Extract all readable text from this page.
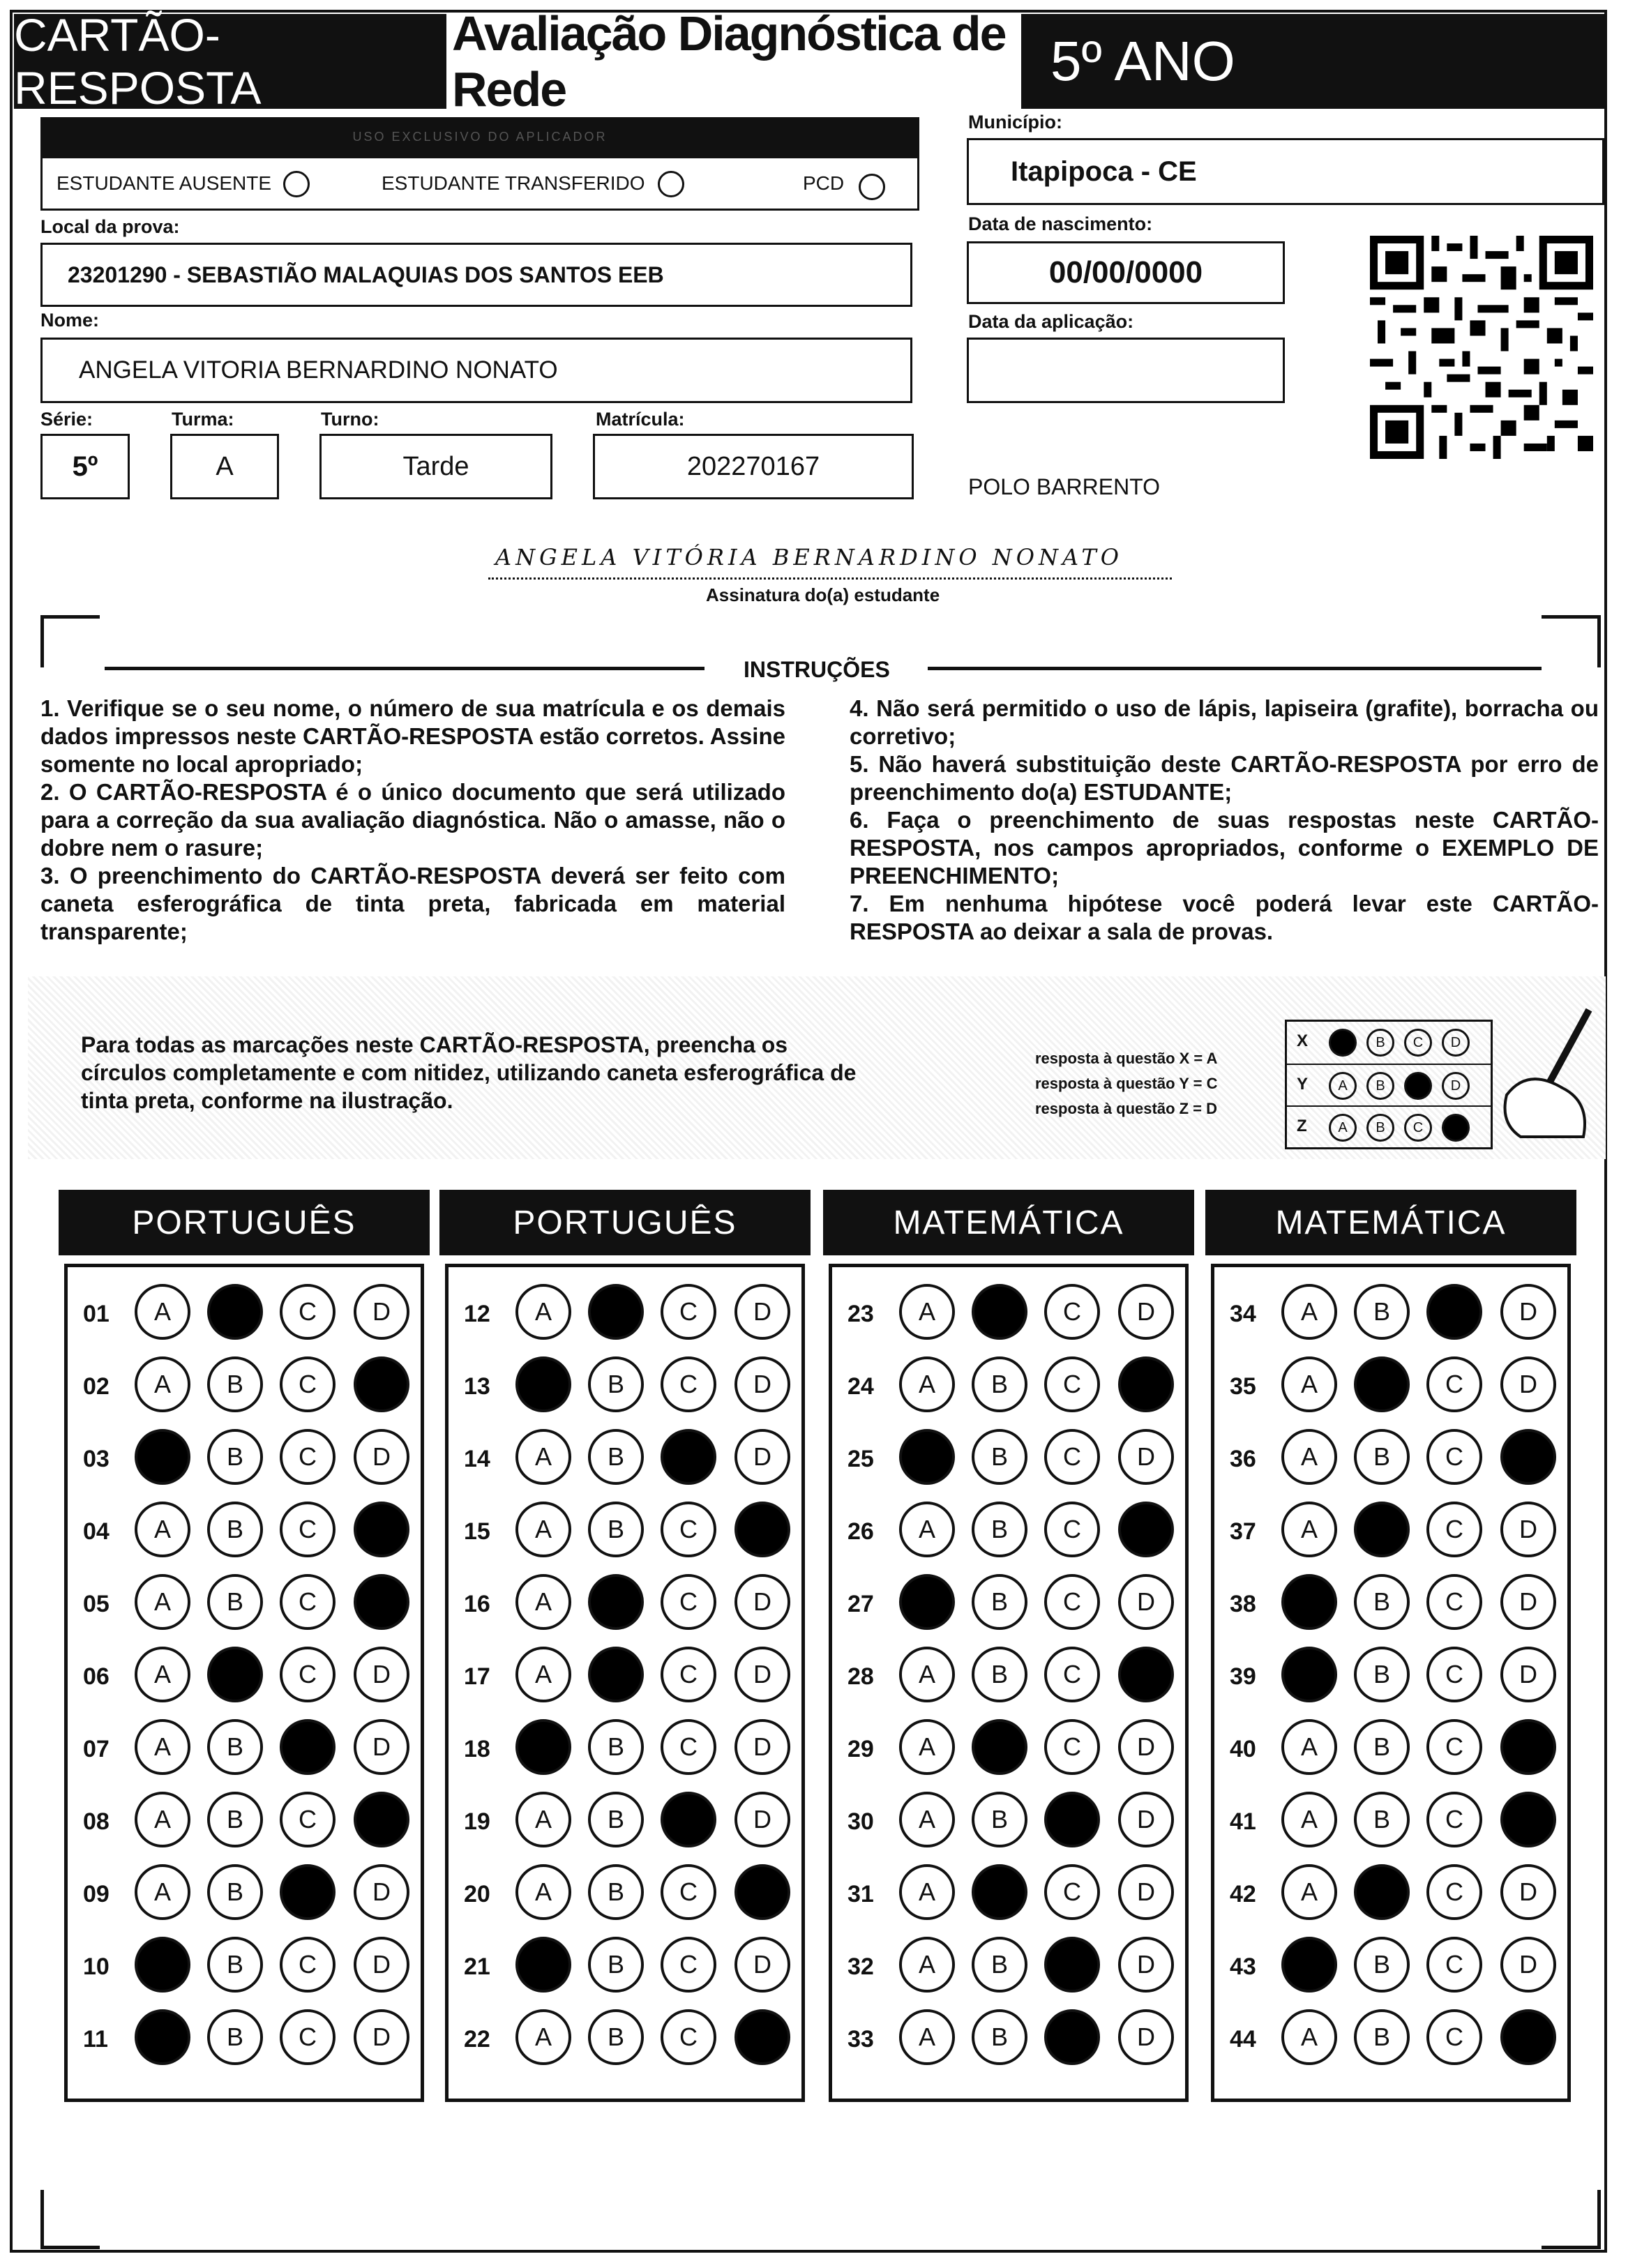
CARTÃO-RESPOSTA
Avaliação Diagnóstica de Rede	5º ANO
USO EXCLUSIVO DO APLICADOR
ESTUDANTE AUSENTE	ESTUDANTE TRANSFERIDO	PCD
Município:
Itapipoca - CE
Local da prova:
23201290 - SEBASTIÃO MALAQUIAS DOS SANTOS EEB
Data de nascimento:
00/00/0000
Data da aplicação:
Nome:
ANGELA VITORIA BERNARDINO NONATO
Série:
5º
Turma:
A
Turno:
Tarde
Matrícula:
202270167
POLO BARRENTO
ANGELA VITÓRIA BERNARDINO NONATO
Assinatura do(a) estudante
INSTRUÇÕES

1. Verifique se o seu nome, o número de sua matrícula e os demais dados impressos neste CARTÃO-RESPOSTA estão corretos. Assine somente no local apropriado;

2. O CARTÃO-RESPOSTA é o único documento que será utilizado para a correção da sua avaliação diagnóstica. Não o amasse, não o dobre nem o rasure;

3. O preenchimento do CARTÃO-RESPOSTA deverá ser feito com caneta esferográfica de tinta preta, fabricada em material transparente;

4. Não será permitido o uso de lápis, lapiseira (grafite), borracha ou corretivo;

5. Não haverá substituição deste CARTÃO-RESPOSTA por erro de preenchimento do(a) ESTUDANTE;

6. Faça o preenchimento de suas respostas neste CARTÃO-RESPOSTA, nos campos apropriados, conforme o EXEMPLO DE PREENCHIMENTO;

7. Em nenhuma hipótese você poderá levar este CARTÃO-RESPOSTA ao deixar a sala de provas.

Para todas as marcações neste CARTÃO-RESPOSTA, preencha os círculos completamente e com nitidez, utilizando caneta esferográfica de tinta preta, conforme na ilustração.
resposta à questão X = A
resposta à questão Y = C
resposta à questão Z = D
X	A	B	C	D
Y	A	B	C	D
Z	A	B	C	D
PORTUGUÊS
01	A	B	C	D
02	A	B	C	D
03	A	B	C	D
04	A	B	C	D
05	A	B	C	D
06	A	B	C	D
07	A	B	C	D
08	A	B	C	D
09	A	B	C	D
10	A	B	C	D
11	A	B	C	D
PORTUGUÊS
12	A	B	C	D
13	A	B	C	D
14	A	B	C	D
15	A	B	C	D
16	A	B	C	D
17	A	B	C	D
18	A	B	C	D
19	A	B	C	D
20	A	B	C	D
21	A	B	C	D
22	A	B	C	D
MATEMÁTICA
23	A	B	C	D
24	A	B	C	D
25	A	B	C	D
26	A	B	C	D
27	A	B	C	D
28	A	B	C	D
29	A	B	C	D
30	A	B	C	D
31	A	B	C	D
32	A	B	C	D
33	A	B	C	D
MATEMÁTICA
34	A	B	C	D
35	A	B	C	D
36	A	B	C	D
37	A	B	C	D
38	A	B	C	D
39	A	B	C	D
40	A	B	C	D
41	A	B	C	D
42	A	B	C	D
43	A	B	C	D
44	A	B	C	D
